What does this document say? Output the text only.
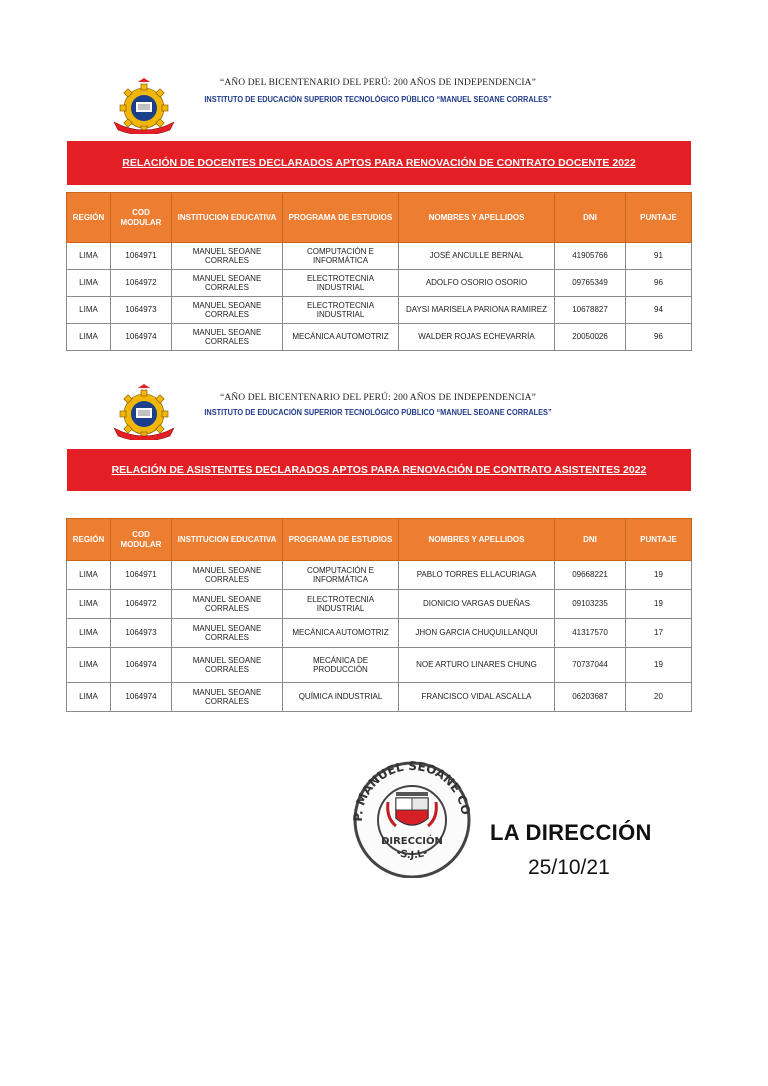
“AÑO DEL BICENTENARIO DEL PERÚ: 200 AÑOS DE INDEPENDENCIA”
INSTITUTO DE EDUCACIÓN SUPERIOR TECNOLÓGICO PÚBLICO “MANUEL SEOANE CORRALES”
RELACIÓN DE DOCENTES DECLARADOS APTOS PARA RENOVACIÓN DE CONTRATO DOCENTE 2022
REGIÓN	COD MODULAR	INSTITUCION EDUCATIVA	PROGRAMA DE ESTUDIOS	NOMBRES Y APELLIDOS	DNI	PUNTAJE
LIMA	1064971	MANUEL SEOANE CORRALES	COMPUTACIÓN E INFORMÁTICA	JOSÉ ANCULLE BERNAL	41905766	91
LIMA	1064972	MANUEL SEOANE CORRALES	ELECTROTECNIA INDUSTRIAL	ADOLFO OSORIO OSORIO	09765349	96
LIMA	1064973	MANUEL SEOANE CORRALES	ELECTROTECNIA INDUSTRIAL	DAYSI MARISELA PARIONA RAMIREZ	10678827	94
LIMA	1064974	MANUEL SEOANE CORRALES	MECÁNICA AUTOMOTRIZ	WALDER ROJAS ECHEVARRÍA	20050026	96
“AÑO DEL BICENTENARIO DEL PERÚ: 200 AÑOS DE INDEPENDENCIA”
INSTITUTO DE EDUCACIÓN SUPERIOR TECNOLÓGICO PÚBLICO “MANUEL SEOANE CORRALES”
RELACIÓN DE ASISTENTES DECLARADOS APTOS PARA RENOVACIÓN DE CONTRATO ASISTENTES 2022
REGIÓN	COD MODULAR	INSTITUCION EDUCATIVA	PROGRAMA DE ESTUDIOS	NOMBRES Y APELLIDOS	DNI	PUNTAJE
LIMA	1064971	MANUEL SEOANE CORRALES	COMPUTACIÓN E INFORMÁTICA	PABLO TORRES ELLACURIAGA	09668221	19
LIMA	1064972	MANUEL SEOANE CORRALES	ELECTROTECNIA INDUSTRIAL	DIONICIO VARGAS DUEÑAS	09103235	19
LIMA	1064973	MANUEL SEOANE CORRALES	MECÁNICA AUTOMOTRIZ	JHON GARCIA CHUQUILLANQUI	41317570	17
LIMA	1064974	MANUEL SEOANE CORRALES	MECÁNICA DE PRODUCCIÓN	NOE ARTURO LINARES CHUNG	70737044	19
LIMA	1064974	MANUEL SEOANE CORRALES	QUÍMICA INDUSTRIAL	FRANCISCO VIDAL ASCALLA	06203687	20
P. MANUEL SEOANE CO
-S.J.L-
DIRECCIÓN LA DIRECCIÓN
25/10/21
